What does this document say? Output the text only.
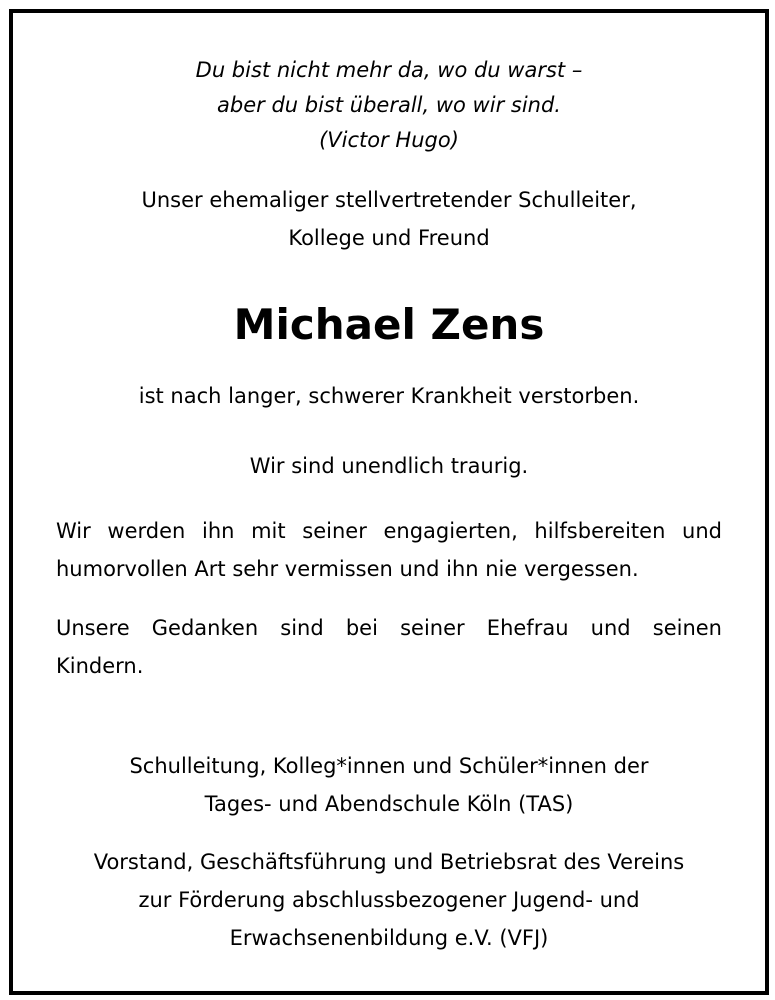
Du bist nicht mehr da, wo du warst –
aber du bist überall, wo wir sind.
(Victor Hugo)
Unser ehemaliger stellvertretender Schulleiter,
Kollege und Freund
Michael Zens
ist nach langer, schwerer Krankheit verstorben.
Wir sind unendlich traurig.
Wir werden ihn mit seiner engagierten, hilfsbereiten und
humorvollen Art sehr vermissen und ihn nie vergessen.
Unsere Gedanken sind bei seiner Ehefrau und seinen
Kindern.
Schulleitung, Kolleg*innen und Schüler*innen der
Tages- und Abendschule Köln (TAS)
Vorstand, Geschäftsführung und Betriebsrat des Vereins
zur Förderung abschlussbezogener Jugend- und
Erwachsenenbildung e.V. (VFJ)
